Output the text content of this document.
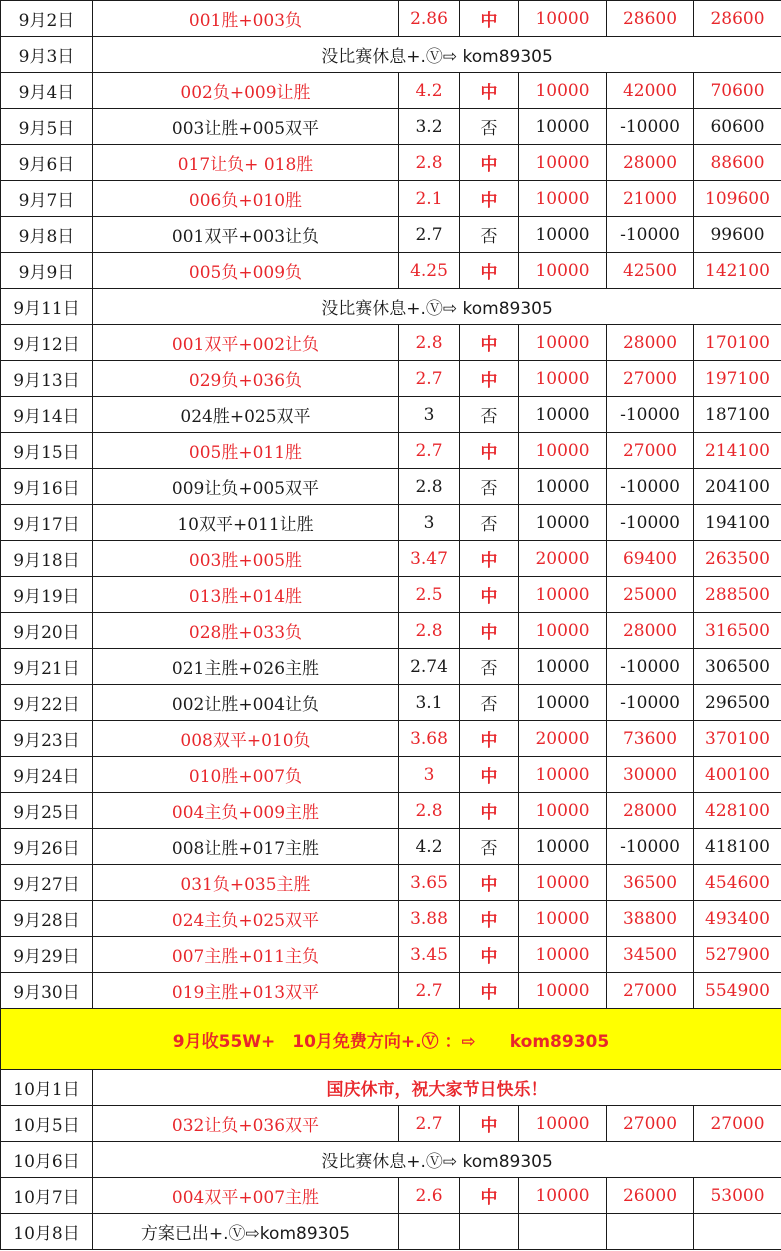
9月2日	001胜+003负	2.86	中	10000	28600	28600
9月3日	没比赛休息+.Ⓥ⇨ kom89305					
9月4日	002负+009让胜	4.2	中	10000	42000	70600
9月5日	003让胜+005双平	3.2	否	10000	-10000	60600
9月6日	017让负+ 018胜	2.8	中	10000	28000	88600
9月7日	006负+010胜	2.1	中	10000	21000	109600
9月8日	001双平+003让负	2.7	否	10000	-10000	99600
9月9日	005负+009负	4.25	中	10000	42500	142100
9月11日	没比赛休息+.Ⓥ⇨ kom89305					
9月12日	001双平+002让负	2.8	中	10000	28000	170100
9月13日	029负+036负	2.7	中	10000	27000	197100
9月14日	024胜+025双平	3	否	10000	-10000	187100
9月15日	005胜+011胜	2.7	中	10000	27000	214100
9月16日	009让负+005双平	2.8	否	10000	-10000	204100
9月17日	10双平+011让胜	3	否	10000	-10000	194100
9月18日	003胜+005胜	3.47	中	20000	69400	263500
9月19日	013胜+014胜	2.5	中	10000	25000	288500
9月20日	028胜+033负	2.8	中	10000	28000	316500
9月21日	021主胜+026主胜	2.74	否	10000	-10000	306500
9月22日	002让胜+004让负	3.1	否	10000	-10000	296500
9月23日	008双平+010负	3.68	中	20000	73600	370100
9月24日	010胜+007负	3	中	10000	30000	400100
9月25日	004主负+009主胜	2.8	中	10000	28000	428100
9月26日	008让胜+017主胜	4.2	否	10000	-10000	418100
9月27日	031负+035主胜	3.65	中	10000	36500	454600
9月28日	024主负+025双平	3.88	中	10000	38800	493400
9月29日	007主胜+011主负	3.45	中	10000	34500	527900
9月30日	019主胜+013双平	2.7	中	10000	27000	554900
9月收55W+　10月免费方向+.Ⓥ ：⇨　　kom89305						
10月1日	国庆休市，祝大家节日快乐！					
10月5日	032让负+036双平	2.7	中	10000	27000	27000
10月6日	没比赛休息+.Ⓥ⇨ kom89305					
10月7日	004双平+007主胜	2.6	中	10000	26000	53000
10月8日	方案已出+.Ⓥ⇨kom89305					
